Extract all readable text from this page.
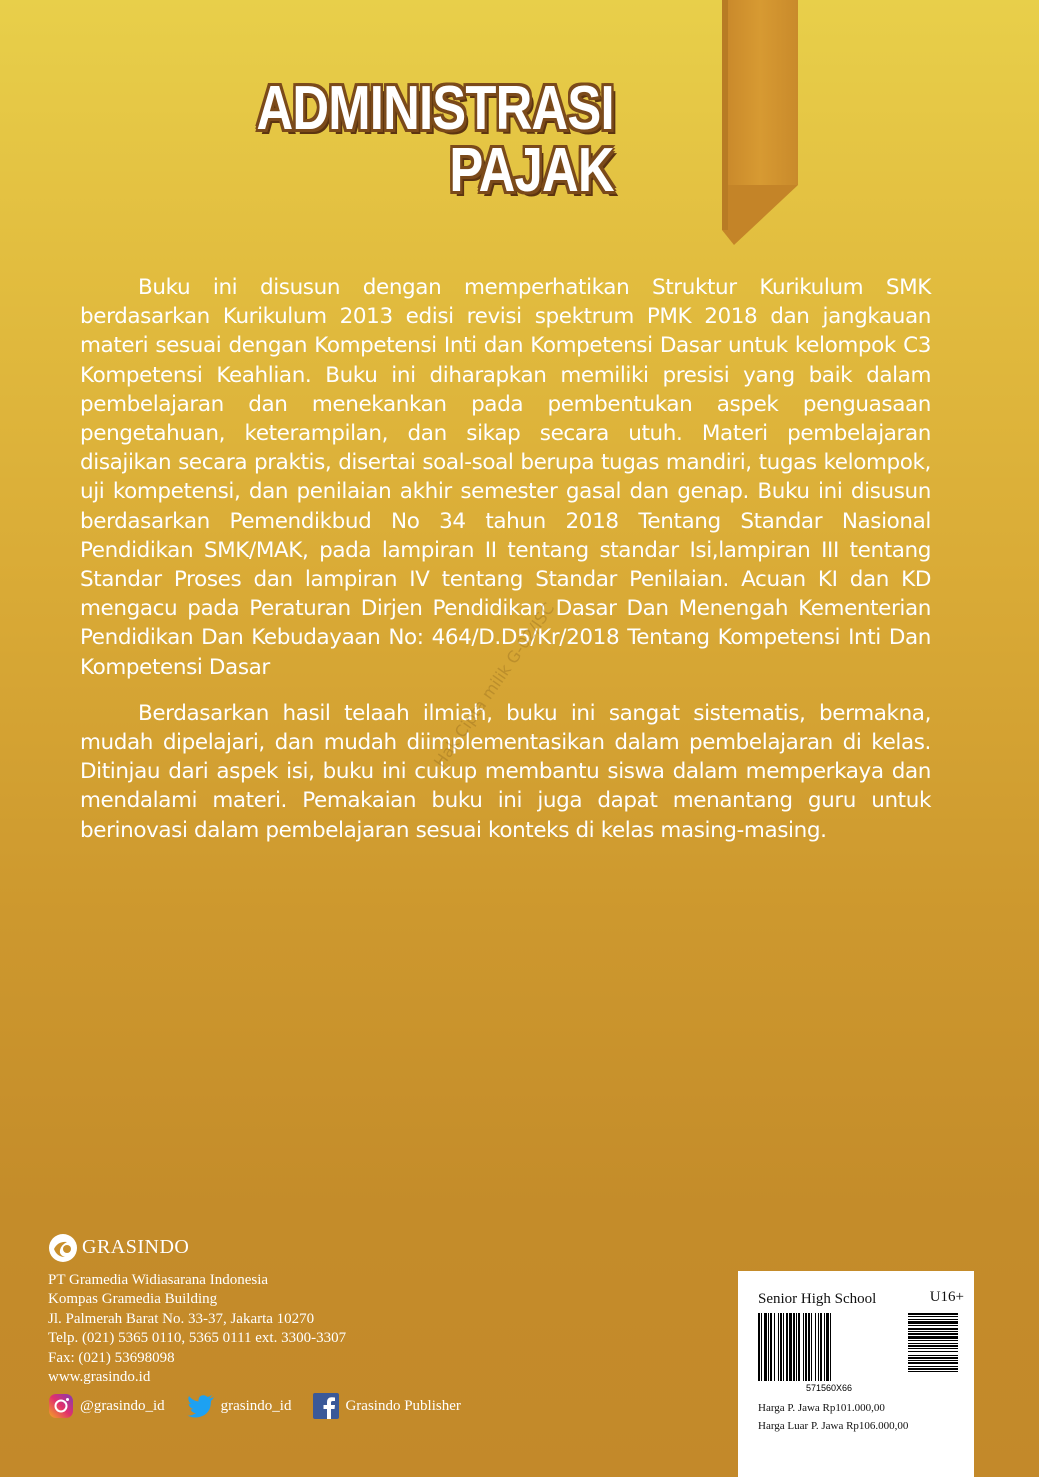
ADMINISTRASI
PAJAK

Buku ini disusun dengan memperhatikan Struktur Kurikulum SMK berdasarkan Kurikulum 2013 edisi revisi spektrum PMK 2018 dan jangkauan materi sesuai dengan Kompetensi Inti dan Kompetensi Dasar untuk kelompok C3 Kompetensi Keahlian. Buku ini diharapkan memiliki presisi yang baik dalam pembelajaran dan menekankan pada pembentukan aspek penguasaan pengetahuan, keterampilan, dan sikap secara utuh. Materi pembelajaran disajikan secara praktis, disertai soal-soal berupa tugas mandiri, tugas kelompok, uji kompetensi, dan penilaian akhir semester gasal dan genap. Buku ini disusun berdasarkan Pemendikbud No 34 tahun 2018 Tentang Standar Nasional Pendidikan SMK/MAK, pada lampiran II tentang standar Isi,lampiran III tentang Standar Proses dan lampiran IV tentang Standar Penilaian. Acuan KI dan KD mengacu pada Peraturan Dirjen Pendidikan Dasar Dan Menengah Kementerian Pendidikan Dan Kebudayaan No: 464/D.D5/Kr/2018 Tentang Kompetensi Inti Dan Kompetensi Dasar

Berdasarkan hasil telaah ilmiah, buku ini sangat sistematis, bermakna, mudah dipelajari, dan mudah diimplementasikan dalam pembelajaran di kelas. Ditinjau dari aspek isi, buku ini cukup membantu siswa dalam memperkaya dan mendalami materi. Pemakaian buku ini juga dapat menantang guru untuk berinovasi dalam pembelajaran sesuai konteks di kelas masing-masing.

Hak Cipta milik G-02/ISC
GRASINDO
PT Gramedia Widiasarana Indonesia
Kompas Gramedia Building
Jl. Palmerah Barat No. 33-37, Jakarta 10270
Telp. (021) 5365 0110, 5365 0111 ext. 3300-3307
Fax: (021) 53698098
www.grasindo.id
@grasindo_id	grasindo_id	Grasindo Publisher
Senior High School	U16+
571560X66
Harga P. Jawa Rp101.000,00
Harga Luar P. Jawa Rp106.000,00
